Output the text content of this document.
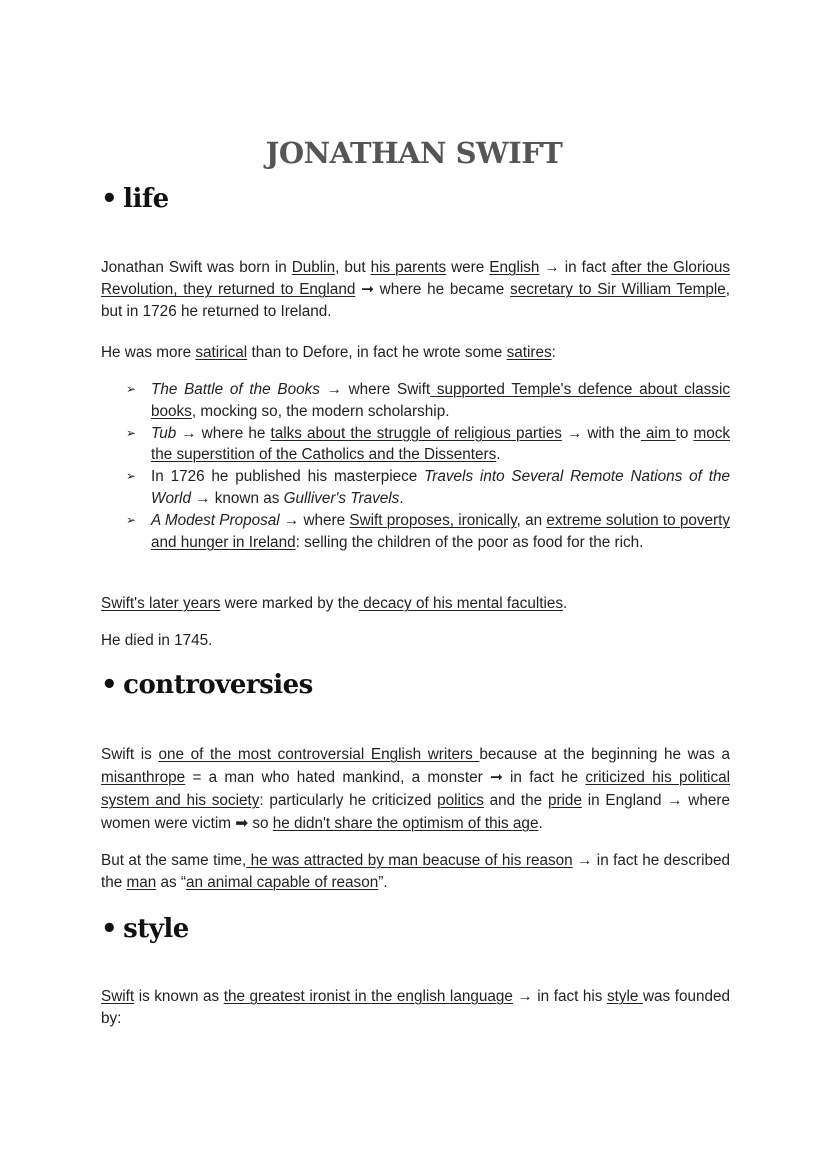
JONATHAN SWIFT
• life

Jonathan Swift was born in Dublin, but his parents were English → in fact after the Glorious Revolution, they returned to England ➞ where he became secretary to Sir William Temple, but in 1726 he returned to Ireland.

He was more satirical than to Defore, in fact he wrote some satires:

➢ The Battle of the Books → where Swift supported Temple's defence about classic books, mocking so, the modern scholarship.
➢ Tub → where he talks about the struggle of religious parties → with the aim to mock the superstition of the Catholics and the Dissenters.
➢ In 1726 he published his masterpiece Travels into Several Remote Nations of the World → known as Gulliver's Travels.
➢ A Modest Proposal → where Swift proposes, ironically, an extreme solution to poverty and hunger in Ireland: selling the children of the poor as food for the rich.

Swift's later years were marked by the decacy of his mental faculties.

He died in 1745.

• controversies

Swift is one of the most controversial English writers because at the beginning he was a misanthrope = a man who hated mankind, a monster ➞ in fact he criticized his political system and his society: particularly he criticized politics and the pride in England → where women were victim ➡ so he didn't share the optimism of this age.

But at the same time, he was attracted by man beacuse of his reason → in fact he described the man as “an animal capable of reason”.

• style

Swift is known as the greatest ironist in the english language → in fact his style was founded by:
